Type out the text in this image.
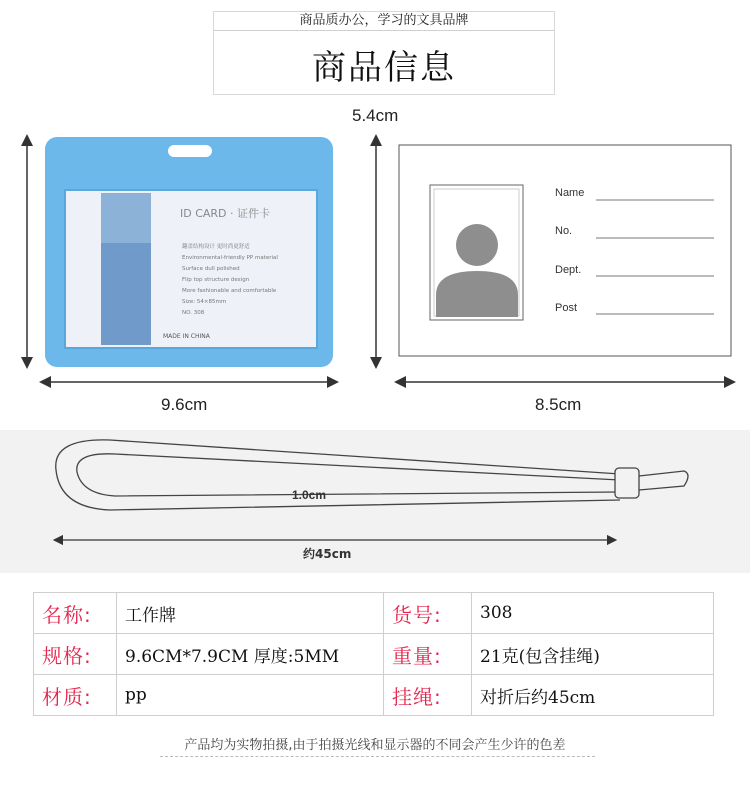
商品质办公，学习的文具品牌
商品信息
5.4cm
9.6cm	8.5cm
ID CARD · 证件卡
翻盖结构设计 更时尚更舒适
Environmental-friendly PP material
Surface dull polished
Flip top structure design
More fashionable and comfortable
Size: 54×85mm
NO. 308
MADE IN CHINA
Name
No.
Dept.
Post
1.0cm
约45cm
名称:	工作牌	货号:	308
规格:	9.6CM*7.9CM 厚度:5MM	重量:	21克(包含挂绳)
材质:	pp	挂绳:	对折后约45cm
产品均为实物拍摄,由于拍摄光线和显示器的不同会产生少许的色差
